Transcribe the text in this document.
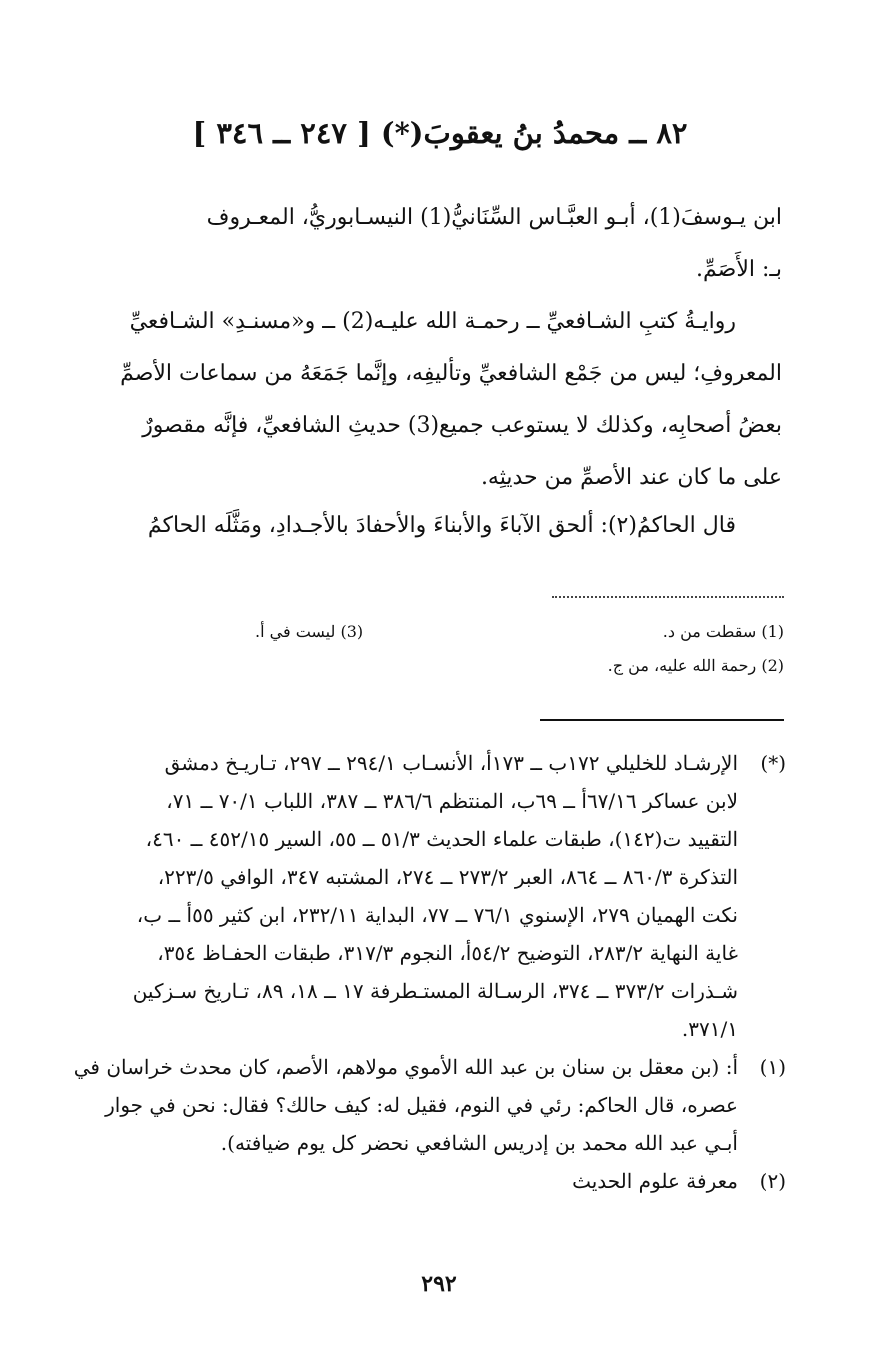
٨٢ ــ محمدُ بنُ يعقوبَ(*) [ ٢٤٧ ــ ٣٤٦ ]
ابن يـوسفَ(1)، أبـو العبَّـاس السِّنَانيُّ(1) النيسـابوريُّ، المعـروف
بـ: الأَصَمِّ.
روايـةُ كتبِ الشـافعيِّ ــ رحمـة الله عليـه(2) ــ و«مسنـدِ» الشـافعيِّ
المعروفِ؛ ليس من جَمْع الشافعيِّ وتأليفِه، وإنَّما جَمَعَهُ من سماعات الأصمِّ
بعضُ أصحابِه، وكذلك لا يستوعب جميع(3) حديثِ الشافعيِّ، فإنَّه مقصورٌ
على ما كان عند الأصمِّ من حديثِه.
قال الحاكمُ(٢): ألحق الآباءَ والأبناءَ والأحفادَ بالأجـدادِ، ومَثَّلَه الحاكمُ
(1) سقطت من د.
(3) ليست في أ.
(2) رحمة الله عليه، من ج.
(*)
الإرشـاد للخليلي ١٧٢ب ــ ١٧٣أ، الأنسـاب ٢٩٤/١ ــ ٢٩٧، تـاريـخ دمشق
لابن عساكر ٦٧/١٦أ ــ ٦٩ب، المنتظم ٣٨٦/٦ ــ ٣٨٧، اللباب ٧٠/١ ــ ٧١،
التقييد ت(١٤٢)، طبقات علماء الحديث ٥١/٣ ــ ٥٥، السير ٤٥٢/١٥ ــ ٤٦٠،
التذكرة ٨٦٠/٣ ــ ٨٦٤، العبر ٢٧٣/٢ ــ ٢٧٤، المشتبه ٣٤٧، الوافي ٢٢٣/٥،
نكت الهميان ٢٧٩، الإسنوي ٧٦/١ ــ ٧٧، البداية ٢٣٢/١١، ابن كثير ٥٥أ ــ ب،
غاية النهاية ٢٨٣/٢، التوضيح ٥٤/٢أ، النجوم ٣١٧/٣، طبقات الحفـاظ ٣٥٤،
شـذرات ٣٧٣/٢ ــ ٣٧٤، الرسـالة المستـطرفة ١٧ ــ ١٨، ٨٩، تـاريخ سـزكين
٣٧١/١.
(١)
أ: (بن معقل بن سنان بن عبد الله الأموي مولاهم، الأصم، كان محدث خراسان في
عصره، قال الحاكم: رئي في النوم، فقيل له: كيف حالك؟ فقال: نحن في جوار
أبـي عبد الله محمد بن إدريس الشافعي نحضر كل يوم ضيافته).
(٢)
معرفة علوم الحديث
٢٩٢
